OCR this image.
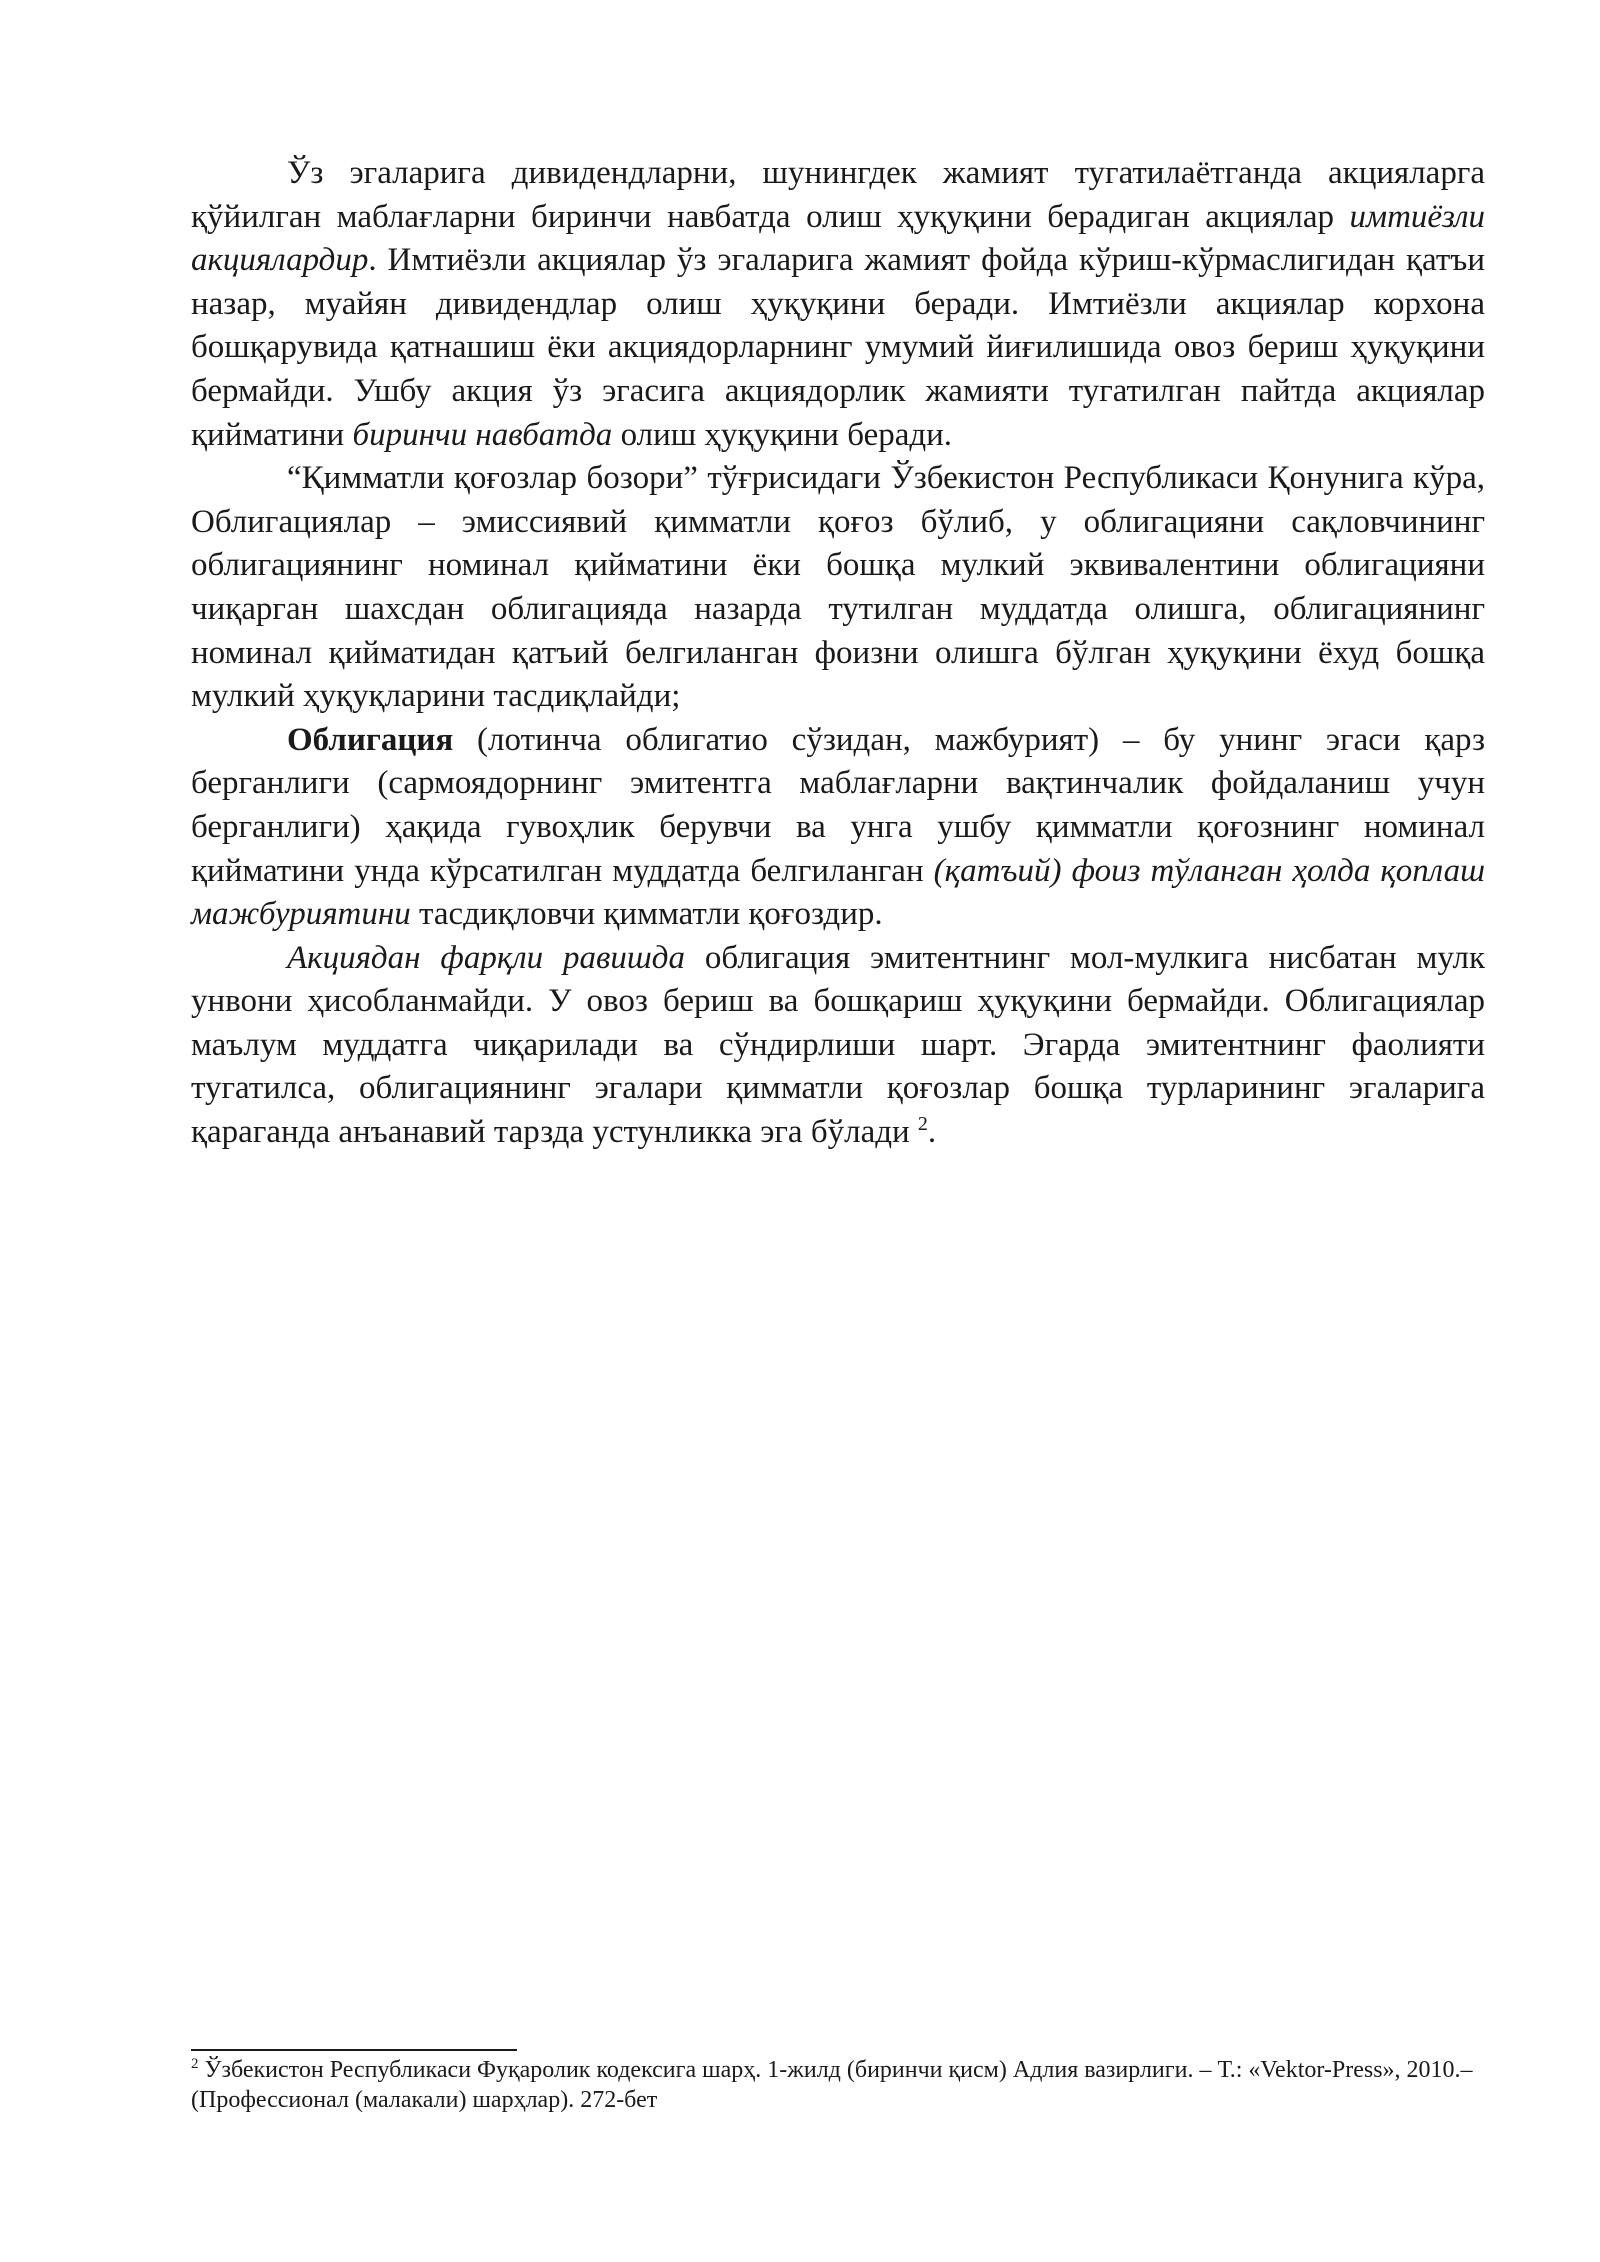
Ўз эгаларига дивидендларни, шунингдек жамият тугатилаётганда акцияларга қўйилган маблағларни биринчи навбатда олиш ҳуқуқини берадиган акциялар имтиёзли акциялардир. Имтиёзли акциялар ўз эгаларига жамият фойда кўриш-кўрмаслигидан қатъи назар, муайян дивидендлар олиш ҳуқуқини беради. Имтиёзли акциялар корхона бошқарувида қатнашиш ёки акциядорларнинг умумий йиғилишида овоз бериш ҳуқуқини бермайди. Ушбу акция ўз эгасига акциядорлик жамияти тугатилган пайтда акциялар қийматини биринчи навбатда олиш ҳуқуқини беради.

“Қимматли қоғозлар бозори” тўғрисидаги Ўзбекистон Республикаси Қонунига кўра, Облигациялар – эмиссиявий қимматли қоғоз бўлиб, у облигацияни сақловчининг облигациянинг номинал қийматини ёки бошқа мулкий эквивалентини облигацияни чиқарган шахсдан облигацияда назарда тутилган муддатда олишга, облигациянинг номинал қийматидан қатъий белгиланган фоизни олишга бўлган ҳуқуқини ёхуд бошқа мулкий ҳуқуқларини тасдиқлайди;

Облигация (лотинча облигатио сўзидан, мажбурият) – бу унинг эгаси қарз берганлиги (сармоядорнинг эмитентга маблағларни вақтинчалик фойдаланиш учун берганлиги) ҳақида гувоҳлик берувчи ва унга ушбу қимматли қоғознинг номинал қийматини унда кўрсатилган муддатда белгиланган (қатъий) фоиз тўланган ҳолда қоплаш мажбуриятини тасдиқловчи қимматли қоғоздир.

Акциядан фарқли равишда облигация эмитентнинг мол-мулкига нисбатан мулк унвони ҳисобланмайди. У овоз бериш ва бошқариш ҳуқуқини бермайди. Облигациялар маълум муддатга чиқарилади ва сўндирлиши шарт. Эгарда эмитентнинг фаолияти тугатилса, облигациянинг эгалари қимматли қоғозлар бошқа турларининг эгаларига қараганда анъанавий тарзда устунликка эга бўлади $^2$.

$^2$ Ўзбекистон Республикаси Фуқаролик кодексига шарҳ. 1-жилд (биринчи қисм) Адлия вазирлиги. – Т.: «Vektor-Press», 2010.–(Профессионал (малакали) шарҳлар). 272-бет
